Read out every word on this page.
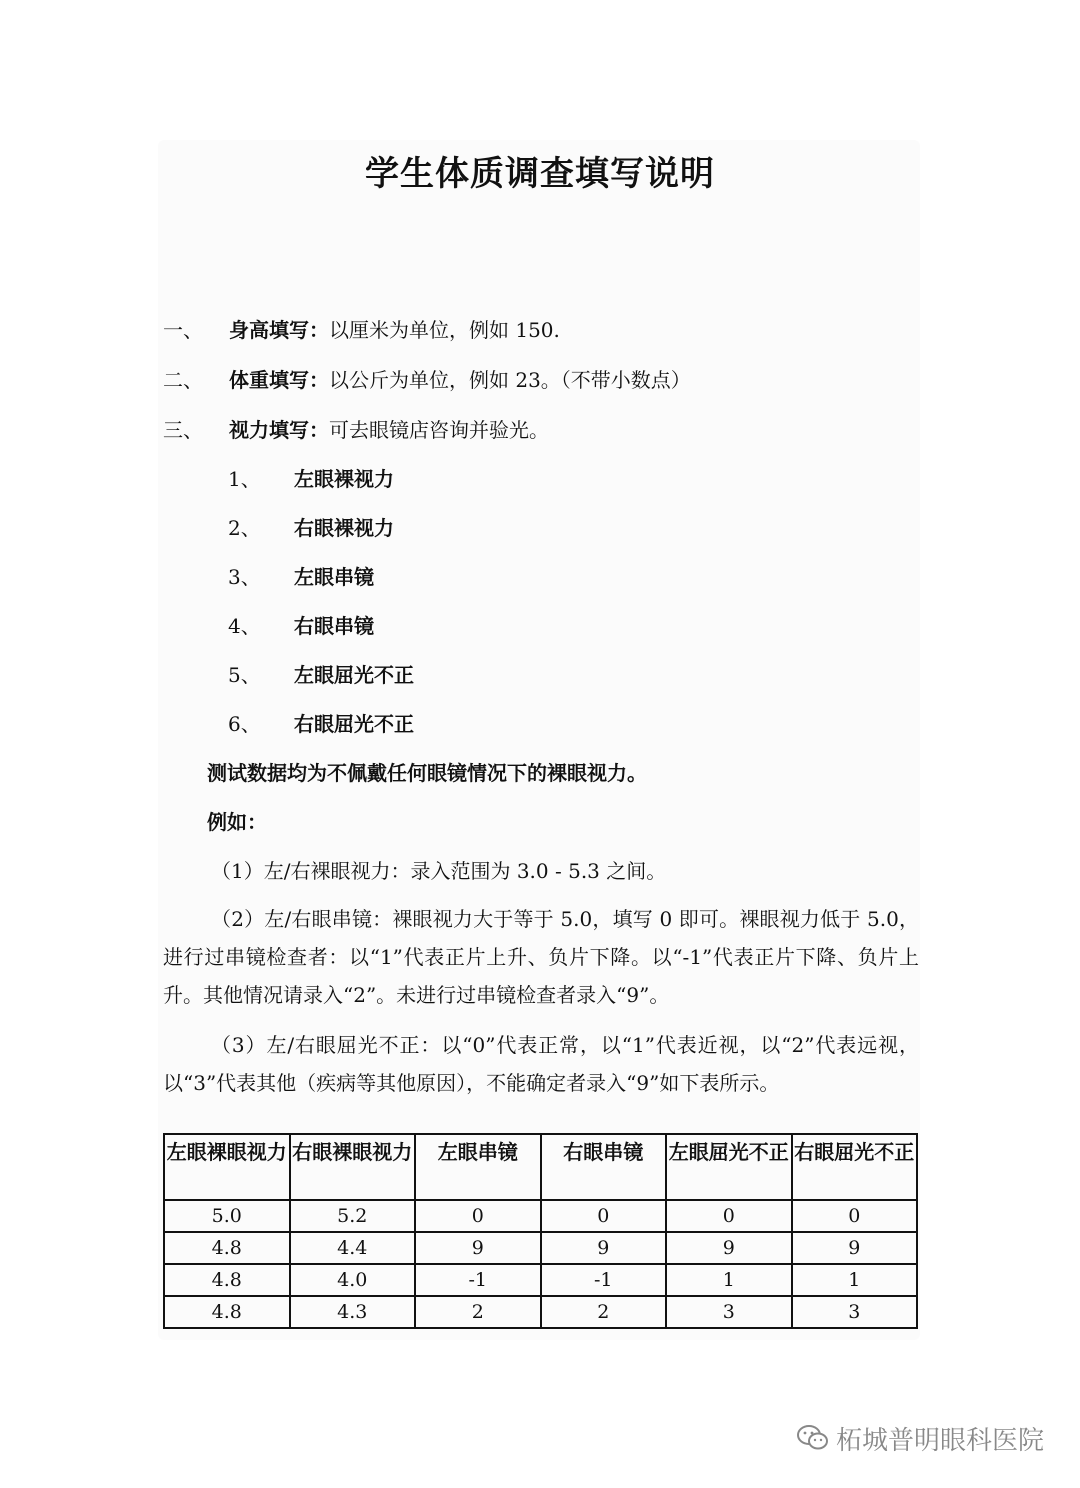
学生体质调查填写说明
一、 身高填写：以厘米为单位，例如 150.
二、 体重填写：以公斤为单位，例如 23。（不带小数点）
三、 视力填写：可去眼镜店咨询并验光。
1、 左眼裸视力
2、 右眼裸视力
3、 左眼串镜
4、 右眼串镜
5、 左眼屈光不正
6、 右眼屈光不正
测试数据均为不佩戴任何眼镜情况下的裸眼视力。
例如：
（1）左/右裸眼视力：录入范围为 3.0 - 5.3 之间。
（2）左/右眼串镜：裸眼视力大于等于 5.0，填写 0 即可。裸眼视力低于 5.0，进行过串镜检查者：以“1”代表正片上升、负片下降。以“-1”代表正片下降、负片上升。其他情况请录入“2”。未进行过串镜检查者录入“9”。
（3）左/右眼屈光不正：以“0”代表正常，以“1”代表近视，以“2”代表远视，以“3”代表其他（疾病等其他原因），不能确定者录入“9”如下表所示。
左眼裸眼视力	右眼裸眼视力	左眼串镜	右眼串镜	左眼屈光不正	右眼屈光不正
5.0	5.2	0	0	0	0
4.8	4.4	9	9	9	9
4.8	4.0	-1	-1	1	1
4.8	4.3	2	2	3	3
柘城普明眼科医院
